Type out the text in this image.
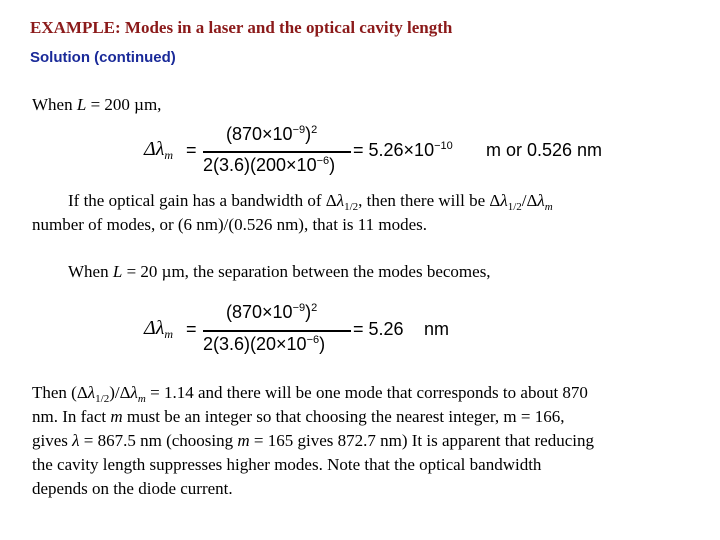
EXAMPLE: Modes in a laser and the optical cavity length
Solution (continued)
When L = 200 µm,
$\Delta\lambda_m$ =
$(870\times 10^{-9})^2$
$2(3.6)(200\times 10^{-6})$
= $5.26\times 10^{-10}$ m or 0.526 nm
If the optical gain has a bandwidth of $\Delta\lambda_{1/2}$, then there will be $\Delta\lambda_{1/2}/\Delta\lambda_m$
number of modes, or (6 nm)/(0.526 nm), that is 11 modes.
When L = 20 µm, the separation between the modes becomes,
$\Delta\lambda_m$ =
$(870\times 10^{-9})^2$
$2(3.6)(20\times 10^{-6})$
= 5.26 nm
Then $(\Delta\lambda_{1/2})/\Delta\lambda_m = 1.14$ and there will be one mode that corresponds to about 870
nm. In fact m must be an integer so that choosing the nearest integer, m = 166,
gives λ = 867.5 nm (choosing m = 165 gives 872.7 nm) It is apparent that reducing
the cavity length suppresses higher modes. Note that the optical bandwidth
depends on the diode current.
